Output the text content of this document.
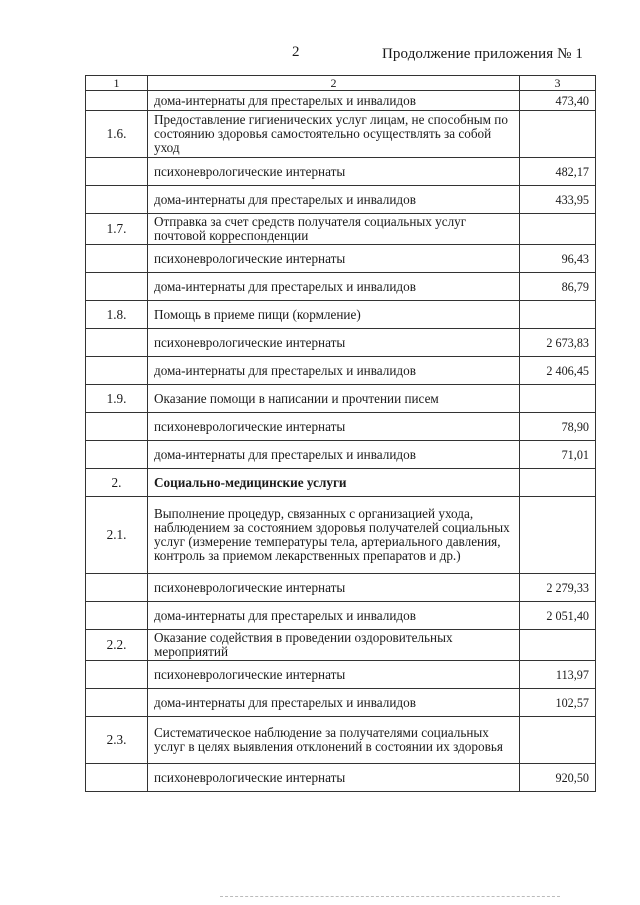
2	Продолжение приложения № 1
1	2	3
	дома-интернаты для престарелых и инвалидов	473,40
1.6.	Предоставление гигиенических услуг лицам, не способным по состоянию здоровья самостоятельно осуществлять за собой уход	
	психоневрологические интернаты	482,17
	дома-интернаты для престарелых и инвалидов	433,95
1.7.	Отправка за счет средств получателя социальных услуг почтовой корреспонденции	
	психоневрологические интернаты	96,43
	дома-интернаты для престарелых и инвалидов	86,79
1.8.	Помощь в приеме пищи (кормление)	
	психоневрологические интернаты	2 673,83
	дома-интернаты для престарелых и инвалидов	2 406,45
1.9.	Оказание помощи в написании и прочтении писем	
	психоневрологические интернаты	78,90
	дома-интернаты для престарелых и инвалидов	71,01
2.	Социально-медицинские услуги	
2.1.	Выполнение процедур, связанных с организацией ухода, наблюдением за состоянием здоровья получателей социальных услуг (измерение температуры тела, артериального давления, контроль за приемом лекарственных препаратов и др.)	
	психоневрологические интернаты	2 279,33
	дома-интернаты для престарелых и инвалидов	2 051,40
2.2.	Оказание содействия в проведении оздоровительных мероприятий	
	психоневрологические интернаты	113,97
	дома-интернаты для престарелых и инвалидов	102,57
2.3.	Систематическое наблюдение за получателями социальных услуг в целях выявления отклонений в состоянии их здоровья	
	психоневрологические интернаты	920,50
